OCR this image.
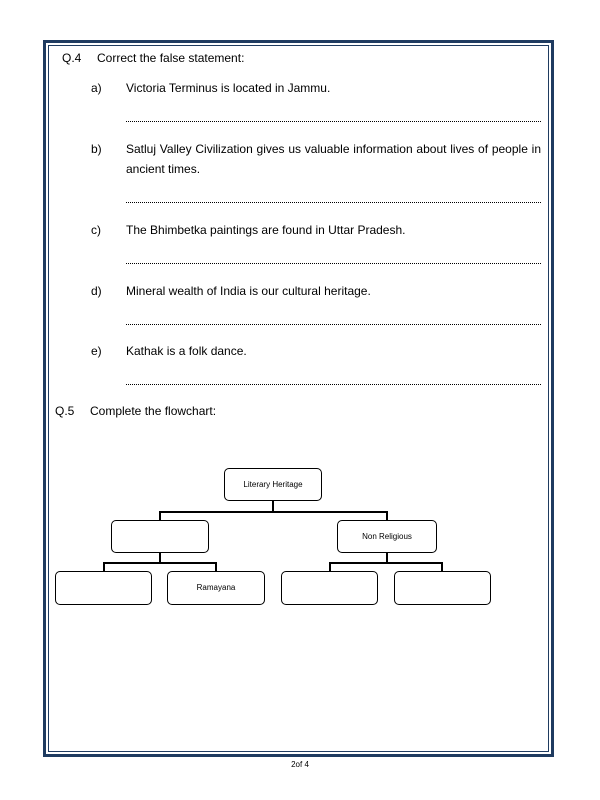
Q.4 Correct the false statement:
a) Victoria Terminus is located in Jammu.
b) Satluj Valley Civilization gives us valuable information about lives of people in ancient times.
c) The Bhimbetka paintings are found in Uttar Pradesh.
d) Mineral wealth of India is our cultural heritage.
e) Kathak is a folk dance.
Q.5 Complete the flowchart:
Literary Heritage
Non Religious
Ramayana
2of 4
